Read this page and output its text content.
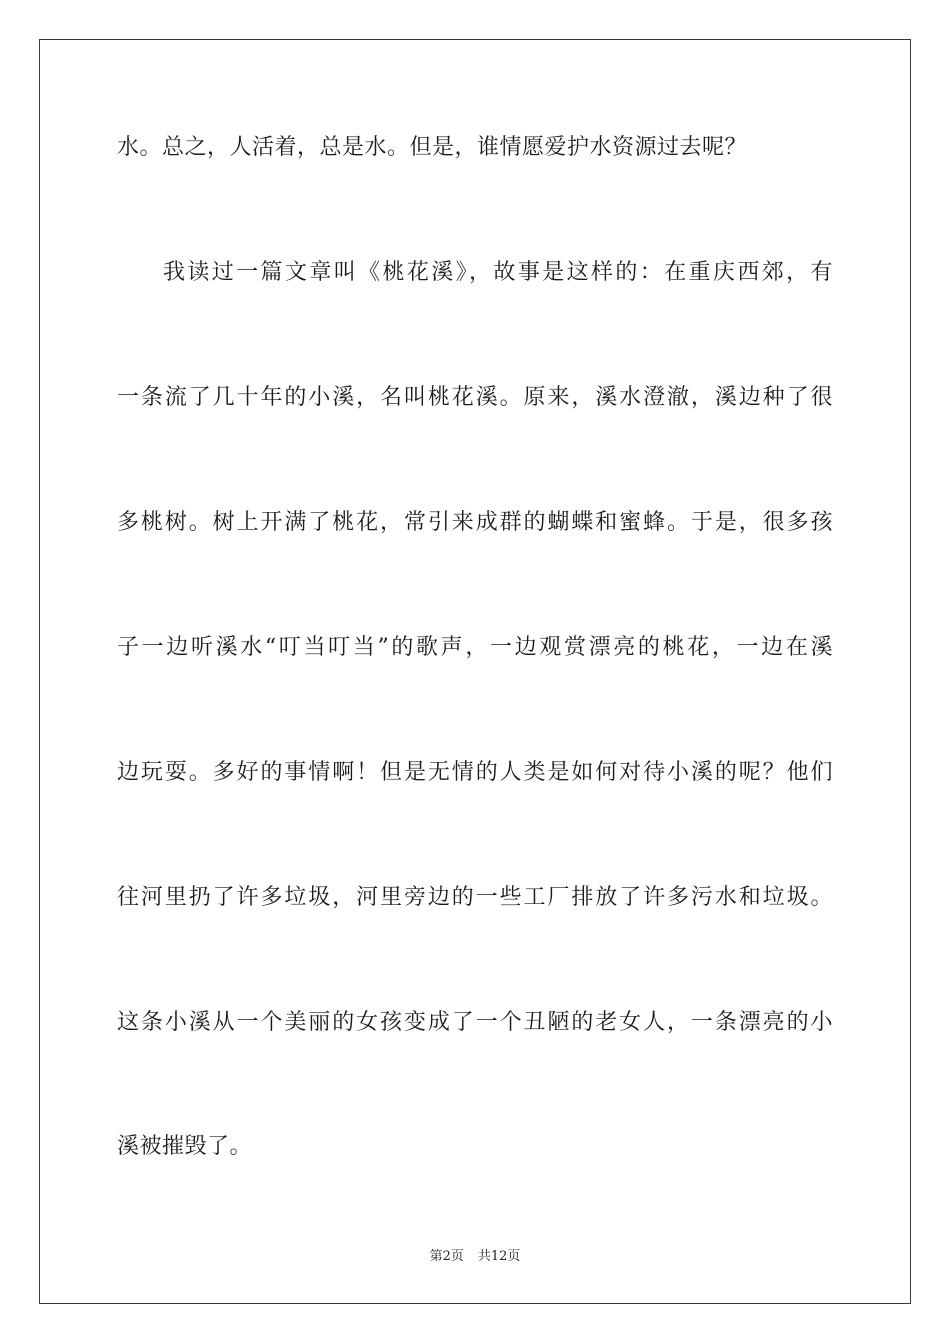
水。总之，人活着，总是水。但是，谁情愿爱护水资源过去呢？
我读过一篇文章叫《桃花溪》，故事是这样的：在重庆西郊，有
一条流了几十年的小溪，名叫桃花溪。原来，溪水澄澈，溪边种了很
多桃树。树上开满了桃花，常引来成群的蝴蝶和蜜蜂。于是，很多孩
子一边听溪水“叮当叮当”的歌声，一边观赏漂亮的桃花，一边在溪
边玩耍。多好的事情啊！但是无情的人类是如何对待小溪的呢？他们
往河里扔了许多垃圾，河里旁边的一些工厂排放了许多污水和垃圾。
这条小溪从一个美丽的女孩变成了一个丑陋的老女人，一条漂亮的小
溪被摧毁了。
第2页 共12页
